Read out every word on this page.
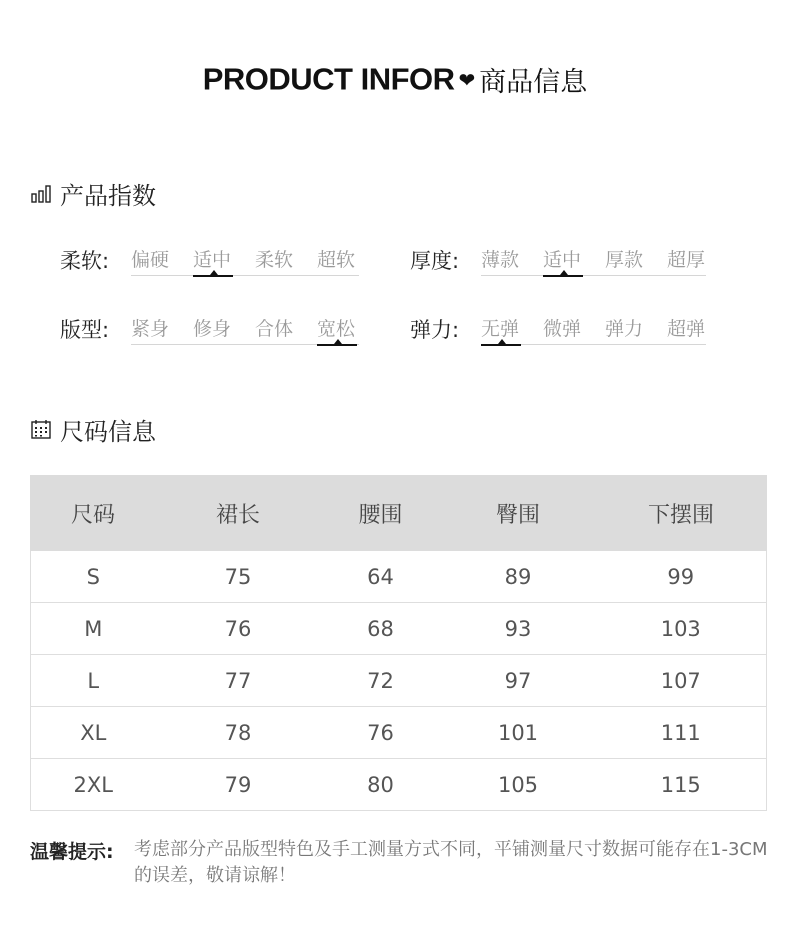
PRODUCT INFOR ❤ 商品信息
产品指数
柔软: 偏硬	适中	柔软	超软	厚度: 薄款	适中	厚款	超厚
版型: 紧身	修身	合体	宽松	弹力: 无弹	微弹	弹力	超弹
尺码信息
尺码	裙长	腰围	臀围	下摆围
S	75	64	89	99
M	76	68	93	103
L	77	72	97	107
XL	78	76	101	111
2XL	79	80	105	115
温馨提示: 考虑部分产品版型特色及手工测量方式不同，平铺测量尺寸数据可能存在1-3CM的误差，敬请谅解！
